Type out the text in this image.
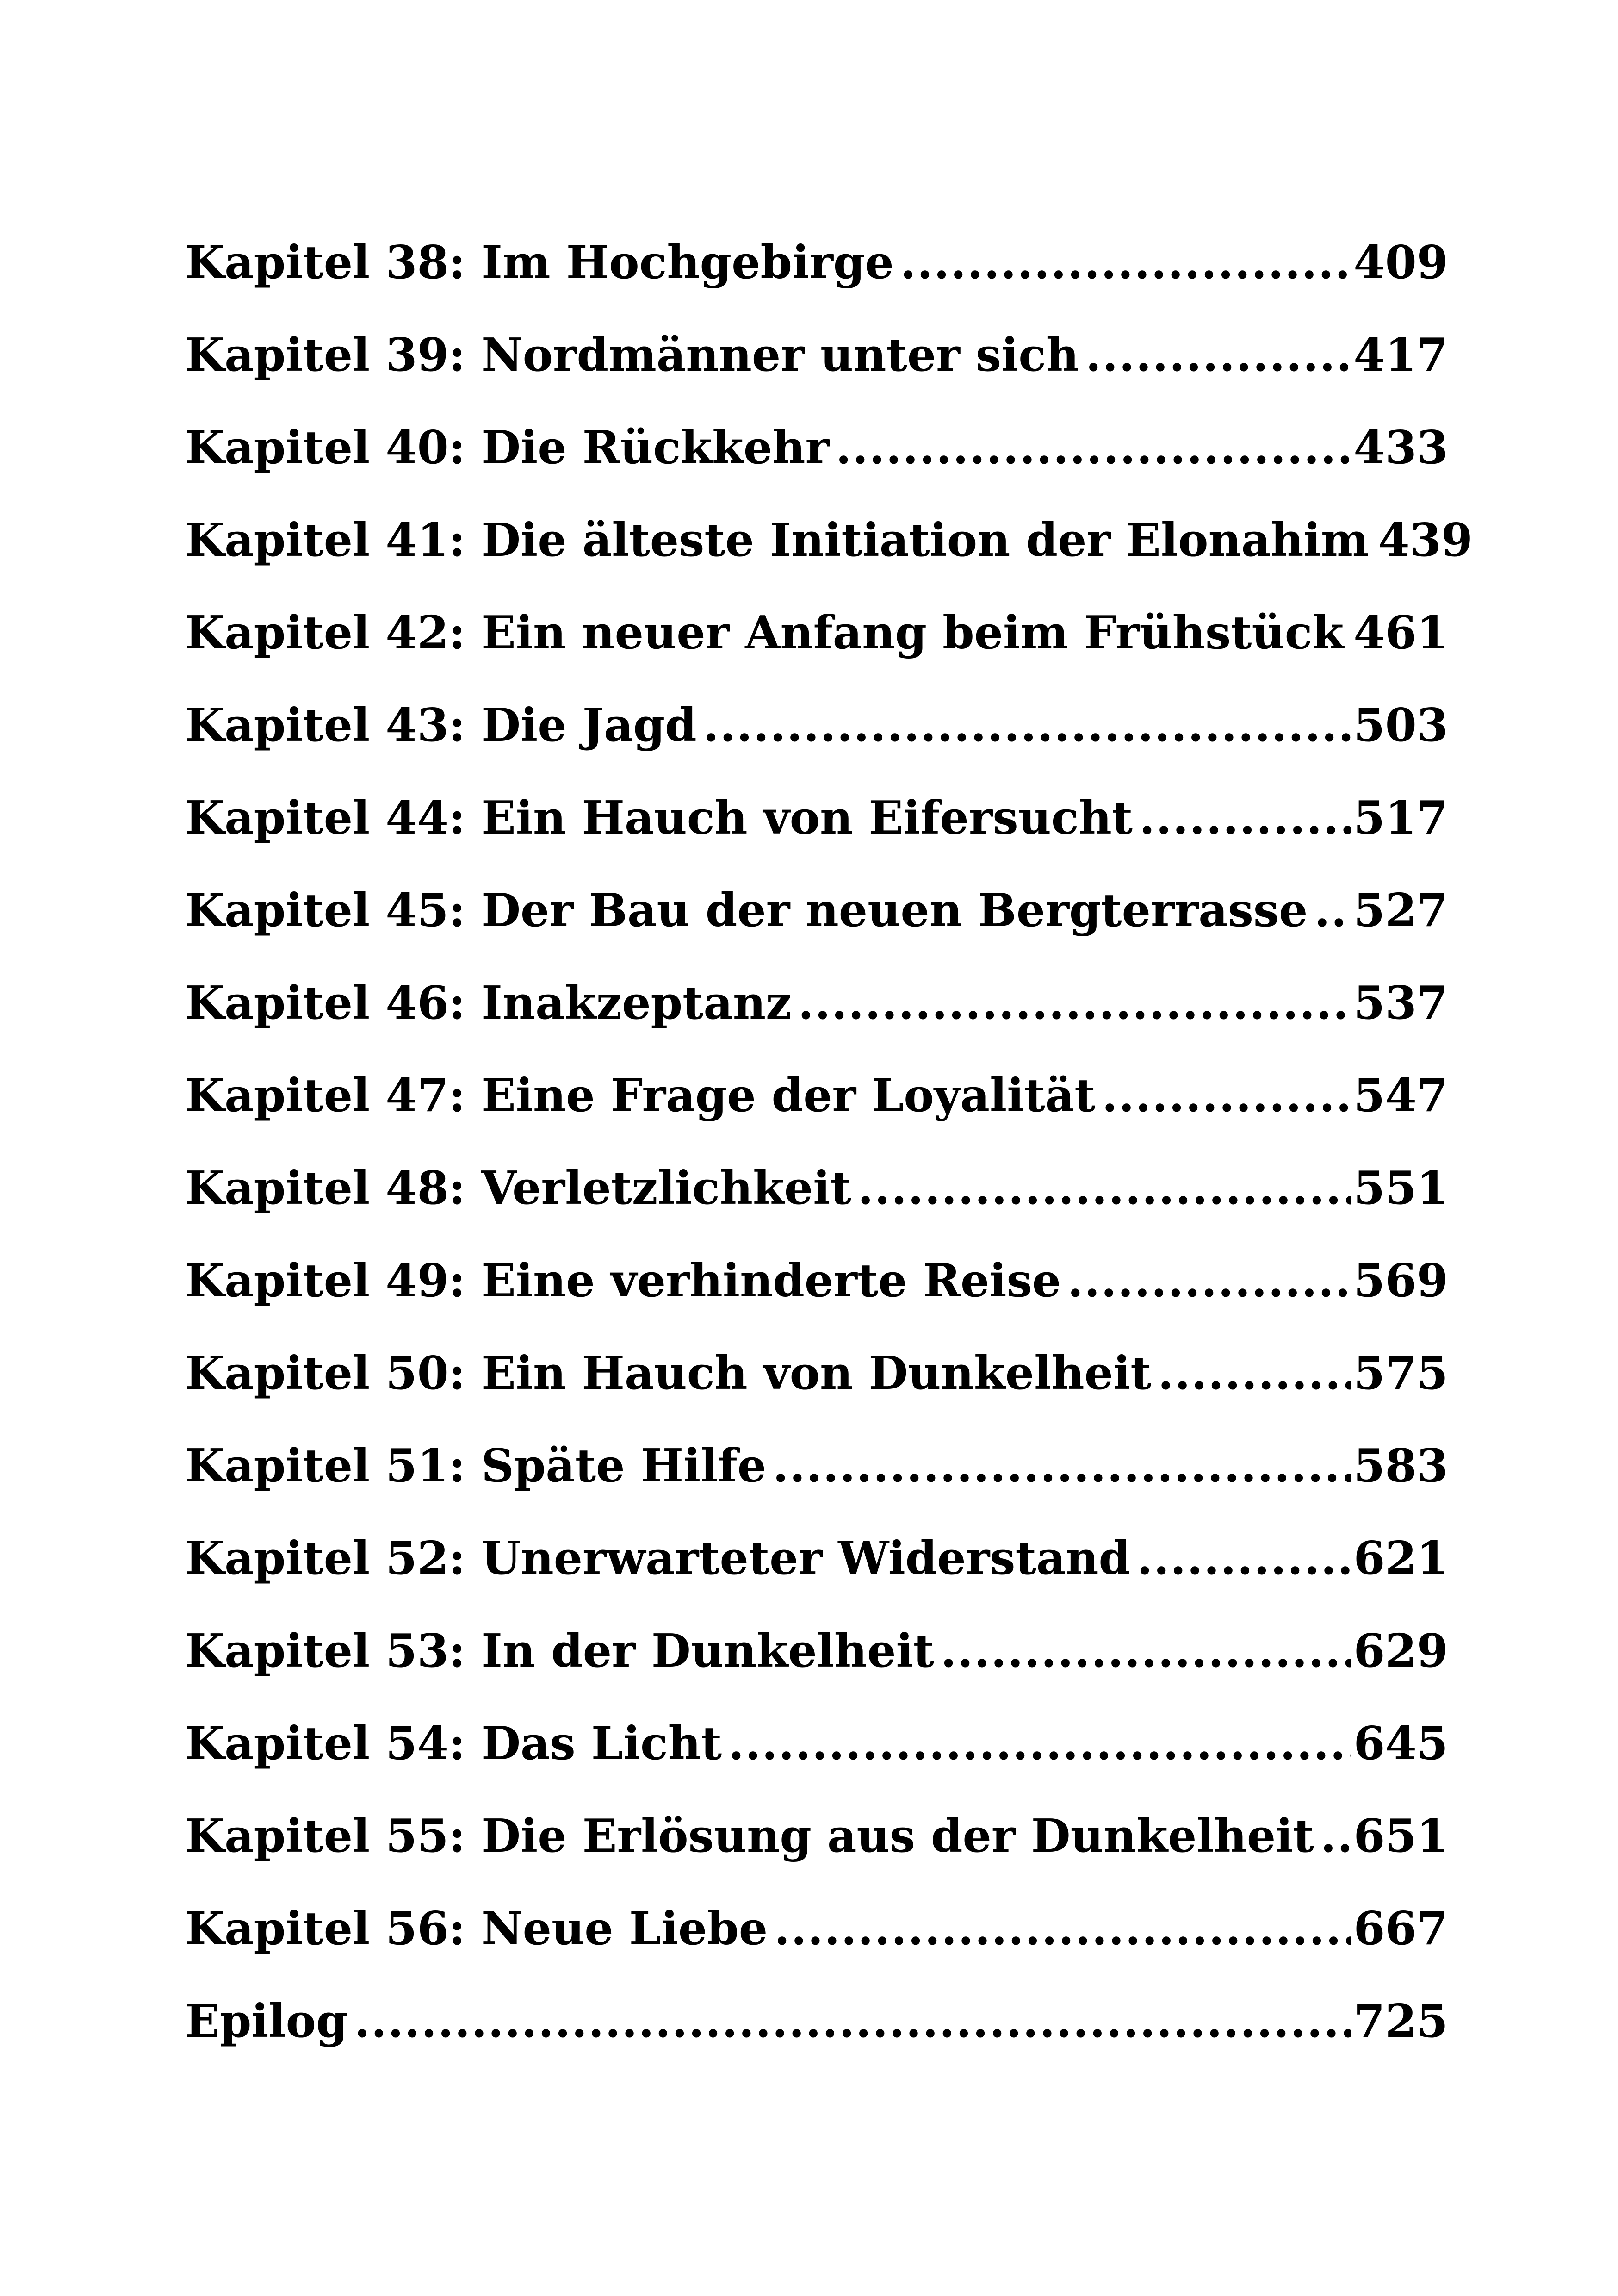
Kapitel 38: Im Hochgebirge .....	409
Kapitel 39: Nordmänner unter sich .....	417
Kapitel 40: Die Rückkehr .....	433
Kapitel 41: Die älteste Initiation der Elonahim 439
Kapitel 42: Ein neuer Anfang beim Frühstück ..... 461
Kapitel 43: Die Jagd .....	503
Kapitel 44: Ein Hauch von Eifersucht .....	517
Kapitel 45: Der Bau der neuen Bergterrasse ..... 527
Kapitel 46: Inakzeptanz .....	537
Kapitel 47: Eine Frage der Loyalität .....	547
Kapitel 48: Verletzlichkeit .....	551
Kapitel 49: Eine verhinderte Reise .....	569
Kapitel 50: Ein Hauch von Dunkelheit .....	575
Kapitel 51: Späte Hilfe .....	583
Kapitel 52: Unerwarteter Widerstand .....	621
Kapitel 53: In der Dunkelheit .....	629
Kapitel 54: Das Licht .....	645
Kapitel 55: Die Erlösung aus der Dunkelheit ..... 651
Kapitel 56: Neue Liebe .....	667
Epilog .....	725
